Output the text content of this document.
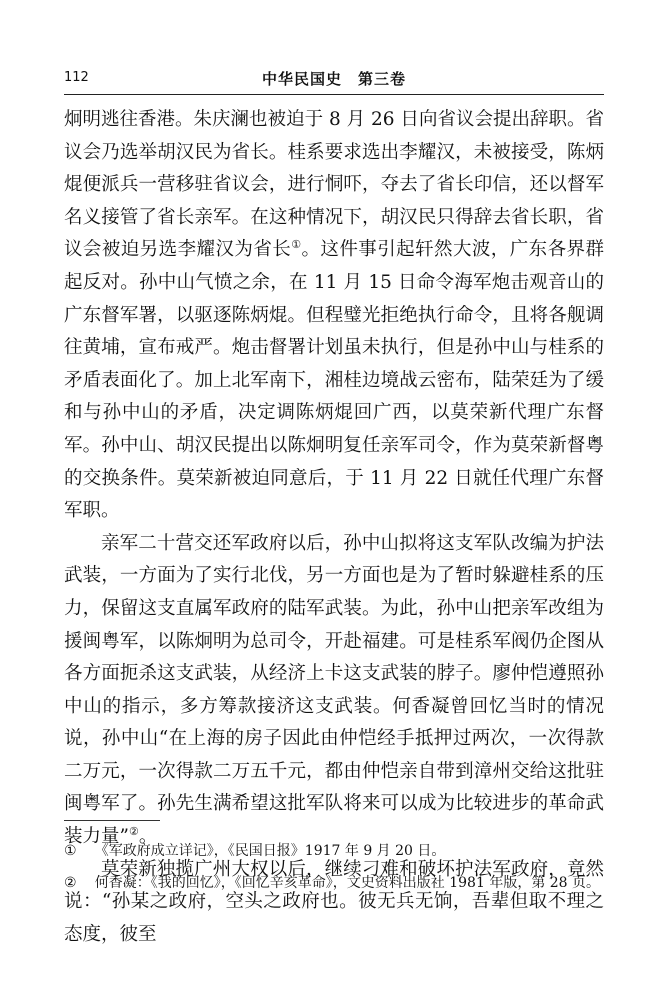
112	中华民国史　第三卷

炯明逃往香港。朱庆澜也被迫于 8 月 26 日向省议会提出辞职。省议会乃选举胡汉民为省长。桂系要求选出李耀汉，未被接受，陈炳焜便派兵一营移驻省议会，进行恫吓，夺去了省长印信，还以督军名义接管了省长亲军。在这种情况下，胡汉民只得辞去省长职，省议会被迫另选李耀汉为省长①。这件事引起轩然大波，广东各界群起反对。孙中山气愤之余，在 11 月 15 日命令海军炮击观音山的广东督军署，以驱逐陈炳焜。但程璧光拒绝执行命令，且将各舰调往黄埔，宣布戒严。炮击督署计划虽未执行，但是孙中山与桂系的矛盾表面化了。加上北军南下，湘桂边境战云密布，陆荣廷为了缓和与孙中山的矛盾，决定调陈炳焜回广西，以莫荣新代理广东督军。孙中山、胡汉民提出以陈炯明复任亲军司令，作为莫荣新督粤的交换条件。莫荣新被迫同意后，于 11 月 22 日就任代理广东督军职。

亲军二十营交还军政府以后，孙中山拟将这支军队改编为护法武装，一方面为了实行北伐，另一方面也是为了暂时躲避桂系的压力，保留这支直属军政府的陆军武装。为此，孙中山把亲军改组为援闽粤军，以陈炯明为总司令，开赴福建。可是桂系军阀仍企图从各方面扼杀这支武装，从经济上卡这支武装的脖子。廖仲恺遵照孙中山的指示，多方筹款接济这支武装。何香凝曾回忆当时的情况说，孙中山“在上海的房子因此由仲恺经手抵押过两次，一次得款二万元，一次得款二万五千元，都由仲恺亲自带到漳州交给这批驻闽粤军了。孙先生满希望这批军队将来可以成为比较进步的革命武装力量”②。

莫荣新独揽广州大权以后，继续刁难和破坏护法军政府，竟然说：“孙某之政府，空头之政府也。彼无兵无饷，吾辈但取不理之态度，彼至

① 《军政府成立详记》，《民国日报》1917 年 9 月 20 日。

② 何香凝：《我的回忆》，《回忆辛亥革命》，文史资料出版社 1981 年版，第 28 页。
